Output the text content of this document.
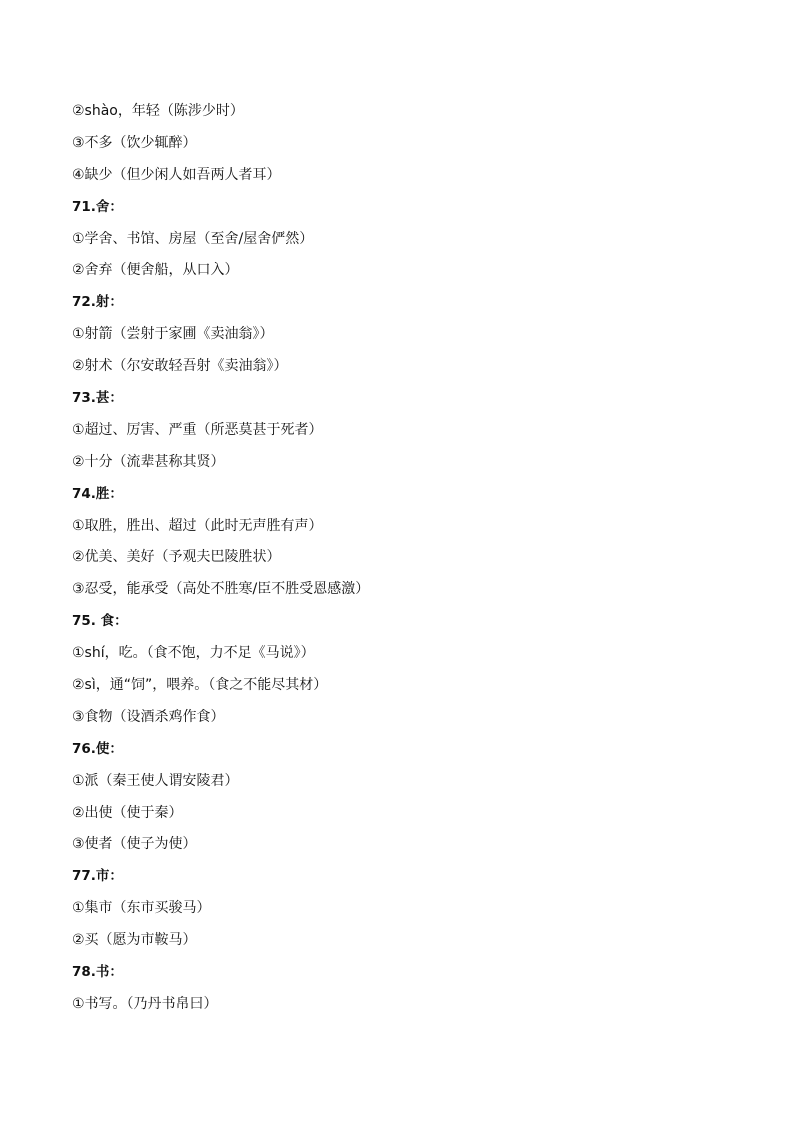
②shào，年轻（陈涉少时）
③不多（饮少辄醉）
④缺少（但少闲人如吾两人者耳）
71.舍：
①学舍、书馆、房屋（至舍/屋舍俨然）
②舍弃（便舍船，从口入）
72.射：
①射箭（尝射于家圃《卖油翁》）
②射术（尔安敢轻吾射《卖油翁》）
73.甚：
①超过、厉害、严重（所恶莫甚于死者）
②十分（流辈甚称其贤）
74.胜：
①取胜，胜出、超过（此时无声胜有声）
②优美、美好（予观夫巴陵胜状）
③忍受，能承受（高处不胜寒/臣不胜受恩感激）
75. 食：
①shí，吃。（食不饱，力不足《马说》）
②sì，通“饲”，喂养。（食之不能尽其材）
③食物（设酒杀鸡作食）
76.使：
①派（秦王使人谓安陵君）
②出使（使于秦）
③使者（使子为使）
77.市：
①集市（东市买骏马）
②买（愿为市鞍马）
78.书：
①书写。（乃丹书帛曰）
